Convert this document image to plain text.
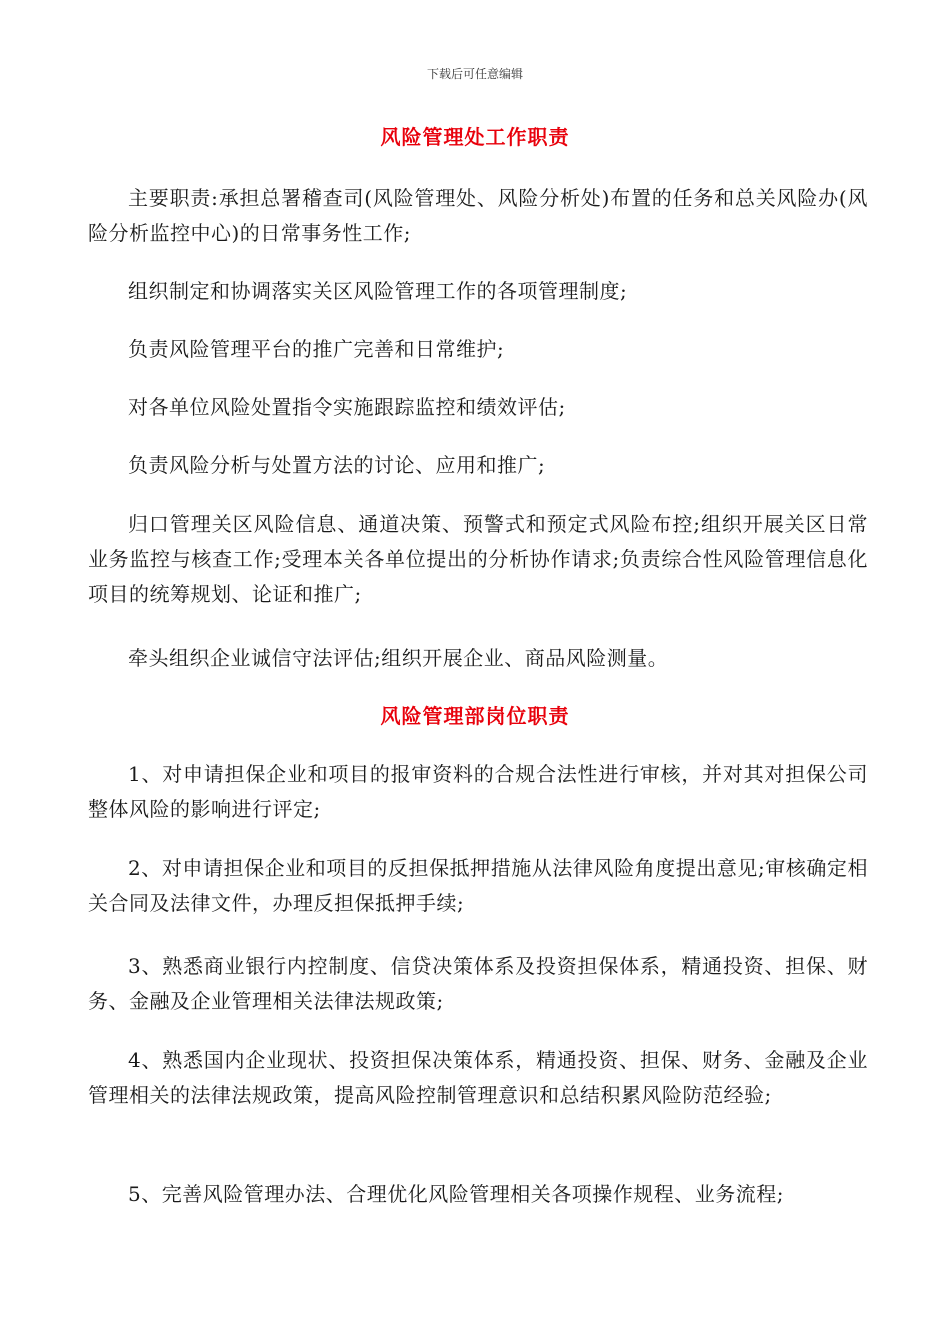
下载后可任意编辑
风险管理处工作职责

主要职责:承担总署稽查司(风险管理处、风险分析处)布置的任务和总关风险办(风险分析监控中心)的日常事务性工作;

组织制定和协调落实关区风险管理工作的各项管理制度;

负责风险管理平台的推广完善和日常维护;

对各单位风险处置指令实施跟踪监控和绩效评估;

负责风险分析与处置方法的讨论、应用和推广;

归口管理关区风险信息、通道决策、预警式和预定式风险布控;组织开展关区日常业务监控与核查工作;受理本关各单位提出的分析协作请求;负责综合性风险管理信息化项目的统筹规划、论证和推广;

牵头组织企业诚信守法评估;组织开展企业、商品风险测量。

风险管理部岗位职责

1、对申请担保企业和项目的报审资料的合规合法性进行审核，并对其对担保公司整体风险的影响进行评定;

2、对申请担保企业和项目的反担保抵押措施从法律风险角度提出意见;审核确定相关合同及法律文件，办理反担保抵押手续;

3、熟悉商业银行内控制度、信贷决策体系及投资担保体系，精通投资、担保、财务、金融及企业管理相关法律法规政策;

4、熟悉国内企业现状、投资担保决策体系，精通投资、担保、财务、金融及企业管理相关的法律法规政策，提高风险控制管理意识和总结积累风险防范经验;

5、完善风险管理办法、合理优化风险管理相关各项操作规程、业务流程;
